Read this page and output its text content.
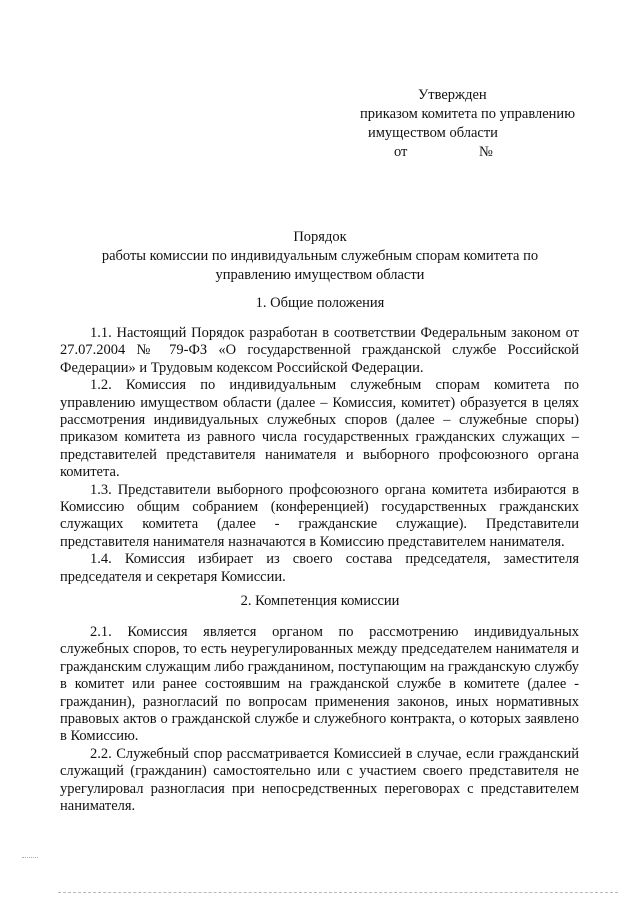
Утвержден
приказом комитета по управлению
имуществом области
от	№
Порядок
работы комиссии по индивидуальным служебным спорам комитета по
управлению имуществом области
1. Общие положения

1.1. Настоящий Порядок разработан в соответствии Федеральным законом от 27.07.2004 № 79-ФЗ «О государственной гражданской службе Российской Федерации» и Трудовым кодексом Российской Федерации.

1.2. Комиссия по индивидуальным служебным спорам комитета по управлению имуществом области (далее – Комиссия, комитет) образуется в целях рассмотрения индивидуальных служебных споров (далее – служебные споры) приказом комитета из равного числа государственных гражданских служащих – представителей представителя нанимателя и выборного профсоюзного органа комитета.

1.3. Представители выборного профсоюзного органа комитета избираются в Комиссию общим собранием (конференцией) государственных гражданских служащих комитета (далее - гражданские служащие). Представители представителя нанимателя назначаются в Комиссию представителем нанимателя.

1.4. Комиссия избирает из своего состава председателя, заместителя председателя и секретаря Комиссии.

2. Компетенция комиссии

2.1. Комиссия является органом по рассмотрению индивидуальных служебных споров, то есть неурегулированных между председателем нанимателя и гражданским служащим либо гражданином, поступающим на гражданскую службу в комитет или ранее состоявшим на гражданской службе в комитете (далее - гражданин), разногласий по вопросам применения законов, иных нормативных правовых актов о гражданской службе и служебного контракта, о которых заявлено в Комиссию.

2.2. Служебный спор рассматривается Комиссией в случае, если гражданский служащий (гражданин) самостоятельно или с участием своего представителя не урегулировал разногласия при непосредственных переговорах с представителем нанимателя.
